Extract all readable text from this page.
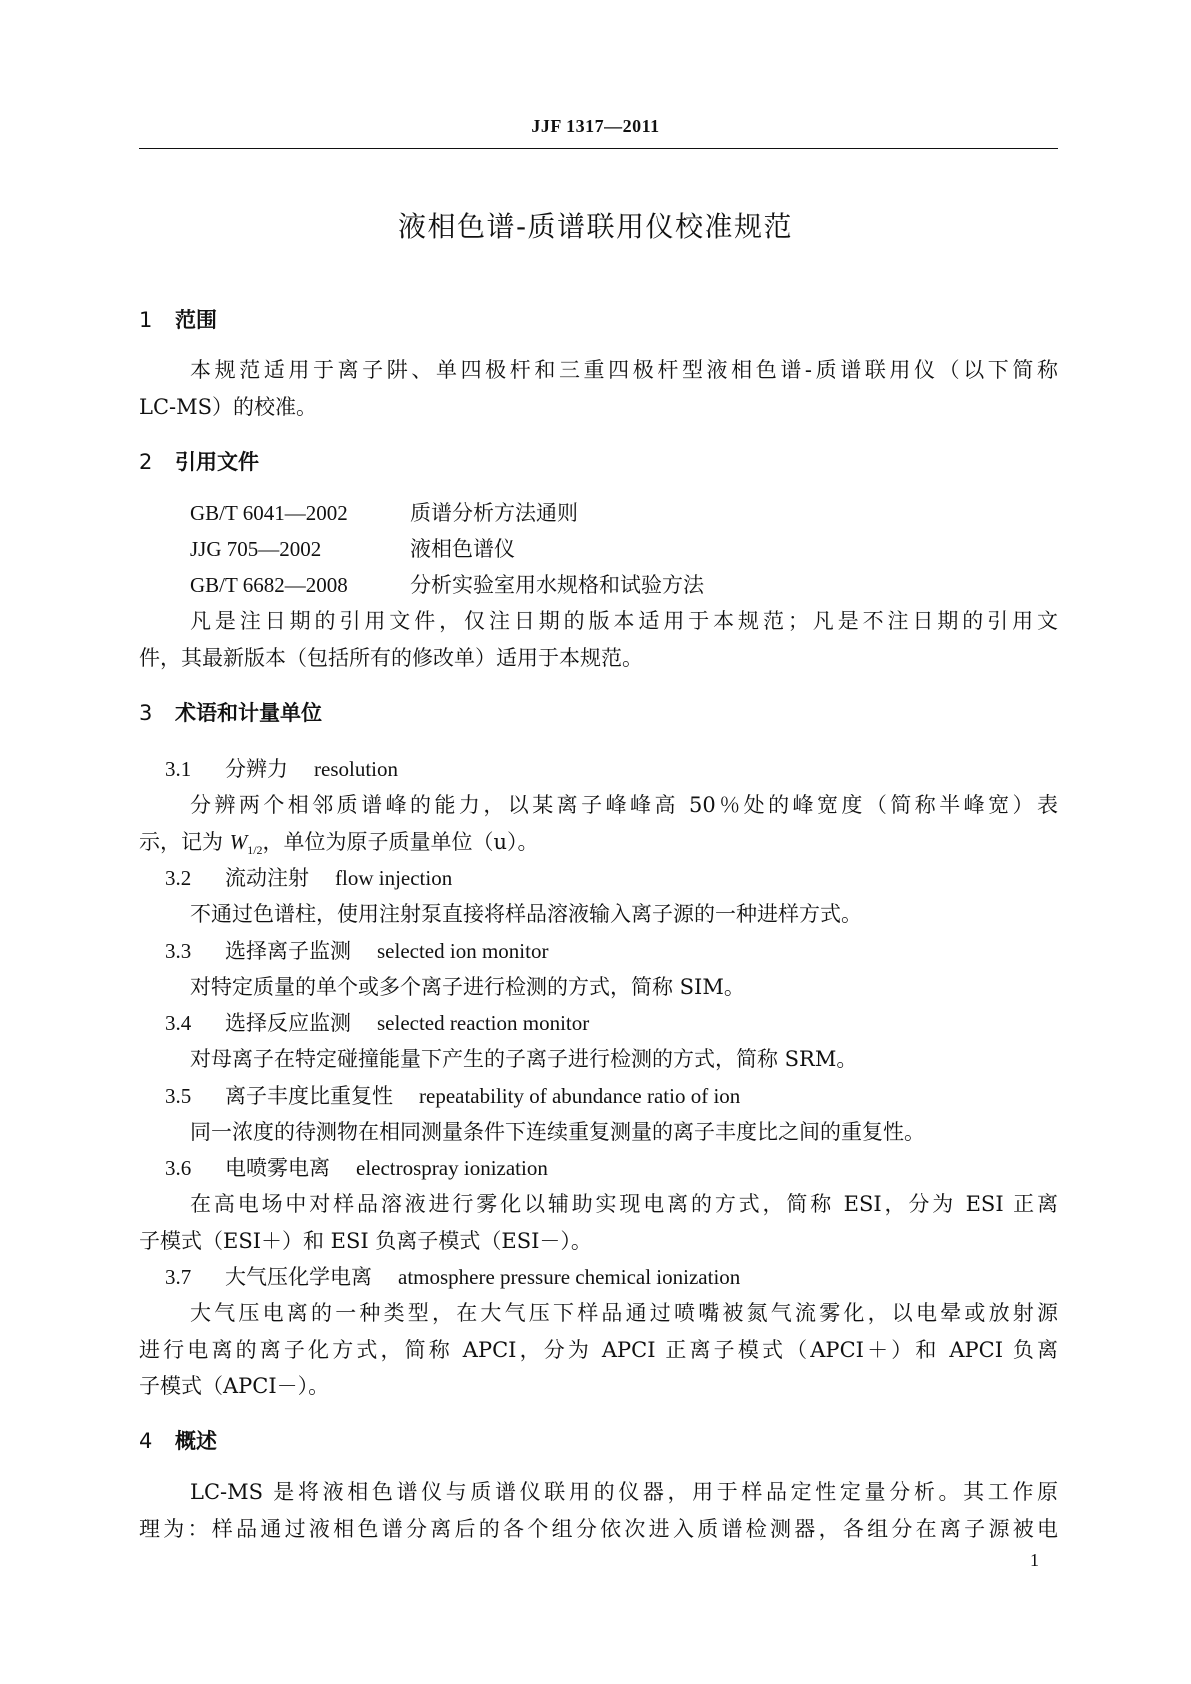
JJF 1317—2011
液相色谱-质谱联用仪校准规范
1 范围
本规范适用于离子阱、单四极杆和三重四极杆型液相色谱-质谱联用仪（以下简称
LC-MS）的校准。
2 引用文件
GB/T 6041—2002	质谱分析方法通则
JJG 705—2002	液相色谱仪
GB/T 6682—2008	分析实验室用水规格和试验方法
凡是注日期的引用文件，仅注日期的版本适用于本规范；凡是不注日期的引用文
件，其最新版本（包括所有的修改单）适用于本规范。
3 术语和计量单位
3.1 分辨力 resolution
分辨两个相邻质谱峰的能力，以某离子峰峰高 50％处的峰宽度（简称半峰宽）表
示，记为 $W_{1/2}$，单位为原子质量单位（u）。
3.2 流动注射 flow injection
不通过色谱柱，使用注射泵直接将样品溶液输入离子源的一种进样方式。
3.3 选择离子监测 selected ion monitor
对特定质量的单个或多个离子进行检测的方式，简称 SIM。
3.4 选择反应监测 selected reaction monitor
对母离子在特定碰撞能量下产生的子离子进行检测的方式，简称 SRM。
3.5 离子丰度比重复性 repeatability of abundance ratio of ion
同一浓度的待测物在相同测量条件下连续重复测量的离子丰度比之间的重复性。
3.6 电喷雾电离 electrospray ionization
在高电场中对样品溶液进行雾化以辅助实现电离的方式，简称 ESI，分为 ESI 正离
子模式（ESI＋）和 ESI 负离子模式（ESI－）。
3.7 大气压化学电离 atmosphere pressure chemical ionization
大气压电离的一种类型，在大气压下样品通过喷嘴被氮气流雾化，以电晕或放射源
进行电离的离子化方式，简称 APCI，分为 APCI 正离子模式（APCI＋）和 APCI 负离
子模式（APCI－）。
4 概述
LC-MS 是将液相色谱仪与质谱仪联用的仪器，用于样品定性定量分析。其工作原
理为：样品通过液相色谱分离后的各个组分依次进入质谱检测器，各组分在离子源被电
1
